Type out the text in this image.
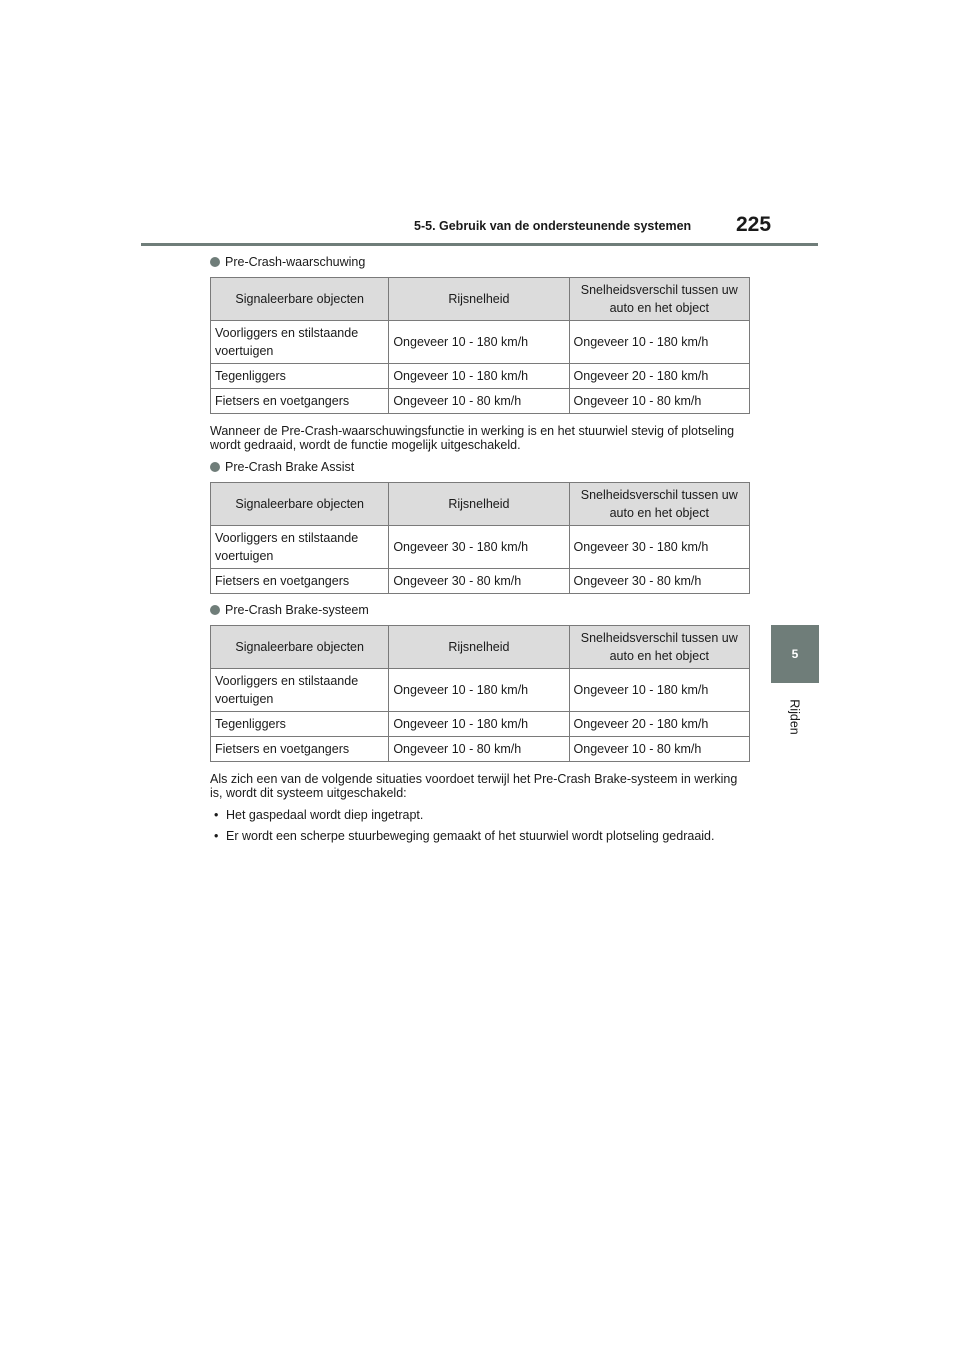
5-5. Gebruik van de ondersteunende systemen 225
5
Rijden
Pre-Crash-waarschuwing
Signaleerbare objecten	Rijsnelheid	Snelheidsverschil tussen uw auto en het object
Voorliggers en stilstaande voertuigen	Ongeveer 10 - 180 km/h	Ongeveer 10 - 180 km/h
Tegenliggers	Ongeveer 10 - 180 km/h	Ongeveer 20 - 180 km/h
Fietsers en voetgangers	Ongeveer 10 - 80 km/h	Ongeveer 10 - 80 km/h
Wanneer de Pre-Crash-waarschuwingsfunctie in werking is en het stuurwiel stevig of plotseling wordt gedraaid, wordt de functie mogelijk uitgeschakeld.
Pre-Crash Brake Assist
Signaleerbare objecten	Rijsnelheid	Snelheidsverschil tussen uw auto en het object
Voorliggers en stilstaande voertuigen	Ongeveer 30 - 180 km/h	Ongeveer 30 - 180 km/h
Fietsers en voetgangers	Ongeveer 30 - 80 km/h	Ongeveer 30 - 80 km/h
Pre-Crash Brake-systeem
Signaleerbare objecten	Rijsnelheid	Snelheidsverschil tussen uw auto en het object
Voorliggers en stilstaande voertuigen	Ongeveer 10 - 180 km/h	Ongeveer 10 - 180 km/h
Tegenliggers	Ongeveer 10 - 180 km/h	Ongeveer 20 - 180 km/h
Fietsers en voetgangers	Ongeveer 10 - 80 km/h	Ongeveer 10 - 80 km/h
Als zich een van de volgende situaties voordoet terwijl het Pre-Crash Brake-systeem in werking is, wordt dit systeem uitgeschakeld:
• Het gaspedaal wordt diep ingetrapt.
• Er wordt een scherpe stuurbeweging gemaakt of het stuurwiel wordt plotseling gedraaid.
